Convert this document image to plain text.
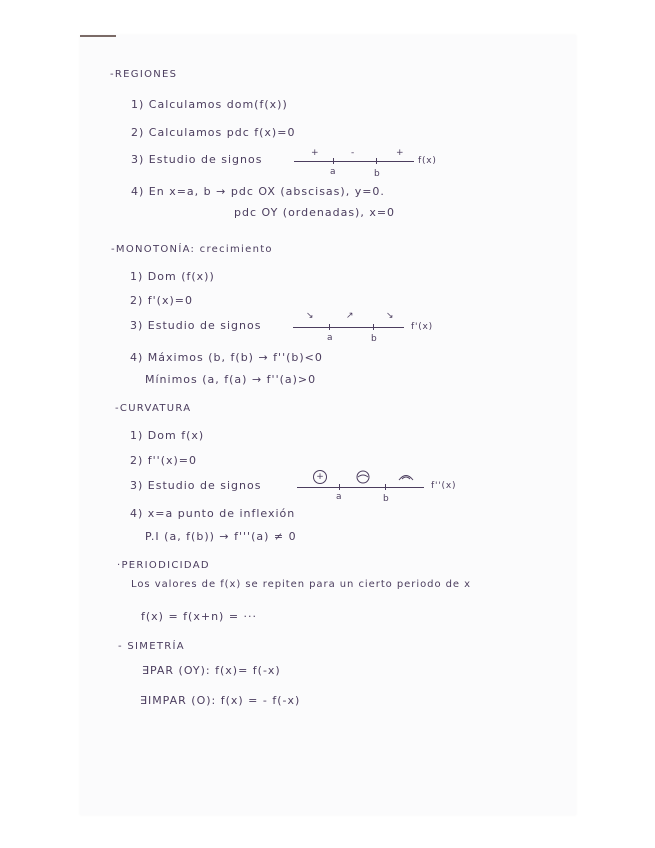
-REGIONES
1) Calculamos dom(f(x))
2) Calculamos pdc f(x)=0
3) Estudio de signos	+	-	+
a	b
f(x)
4) En x=a, b → pdc OX (abscisas), y=0.
pdc OY (ordenadas), x=0
-MONOTONÍA: crecimiento
1) Dom (f(x))
2) f'(x)=0
3) Estudio de signos
↘	↗	↘
a	b
f'(x)
4) Máximos (b, f(b) → f''(b)<0
Mínimos (a, f(a) → f''(a)>0
-CURVATURA
1) Dom f(x)
2) f''(x)=0
3) Estudio de signos
+
a	b
f''(x)
4) x=a punto de inflexión
P.I (a, f(b)) → f'''(a) ≠ 0
·PERIODICIDAD
Los valores de f(x) se repiten para un cierto periodo de x
f(x) = f(x+n) = ···
- SIMETRÍA
∃PAR (OY): f(x)= f(-x)
∃IMPAR (O): f(x) = - f(-x)
